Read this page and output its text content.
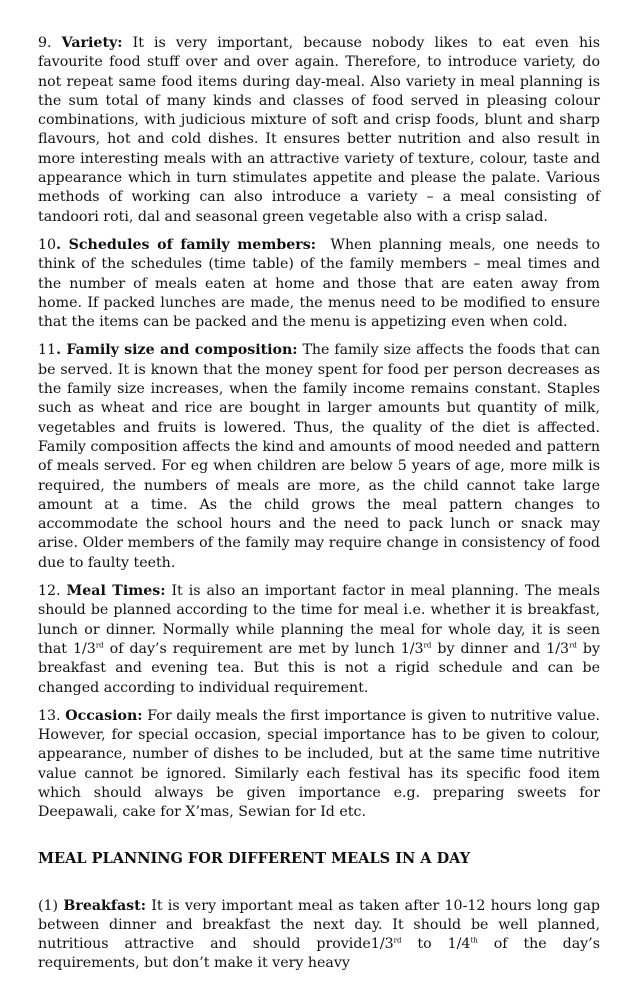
9. Variety: It is very important, because nobody likes to eat even his favourite food stuff over and over again. Therefore, to introduce variety, do not repeat same food items during day-meal. Also variety in meal planning is the sum total of many kinds and classes of food served in pleasing colour combinations, with judicious mixture of soft and crisp foods, blunt and sharp flavours, hot and cold dishes. It ensures better nutrition and also result in more interesting meals with an attractive variety of texture, colour, taste and appearance which in turn stimulates appetite and please the palate. Various methods of working can also introduce a variety – a meal consisting of tandoori roti, dal and seasonal green vegetable also with a crisp salad.

10. Schedules of family members: When planning meals, one needs to think of the schedules (time table) of the family members – meal times and the number of meals eaten at home and those that are eaten away from home. If packed lunches are made, the menus need to be modified to ensure that the items can be packed and the menu is appetizing even when cold.

11. Family size and composition: The family size affects the foods that can be served. It is known that the money spent for food per person decreases as the family size increases, when the family income remains constant. Staples such as wheat and rice are bought in larger amounts but quantity of milk, vegetables and fruits is lowered. Thus, the quality of the diet is affected. Family composition affects the kind and amounts of mood needed and pattern of meals served. For eg when children are below 5 years of age, more milk is required, the numbers of meals are more, as the child cannot take large amount at a time. As the child grows the meal pattern changes to accommodate the school hours and the need to pack lunch or snack may arise. Older members of the family may require change in consistency of food due to faulty teeth.

12. Meal Times: It is also an important factor in meal planning. The meals should be planned according to the time for meal i.e. whether it is breakfast, lunch or dinner. Normally while planning the meal for whole day, it is seen that 1/3rd of day’s requirement are met by lunch 1/3rd by dinner and 1/3rd by breakfast and evening tea. But this is not a rigid schedule and can be changed according to individual requirement.

13. Occasion: For daily meals the first importance is given to nutritive value. However, for special occasion, special importance has to be given to colour, appearance, number of dishes to be included, but at the same time nutritive value cannot be ignored. Similarly each festival has its specific food item which should always be given importance e.g. preparing sweets for Deepawali, cake for X’mas, Sewian for Id etc.

MEAL PLANNING FOR DIFFERENT MEALS IN A DAY

(1) Breakfast: It is very important meal as taken after 10-12 hours long gap between dinner and breakfast the next day. It should be well planned, nutritious attractive and should provide1/3rd to 1/4th of the day’s requirements, but don’t make it very heavy
